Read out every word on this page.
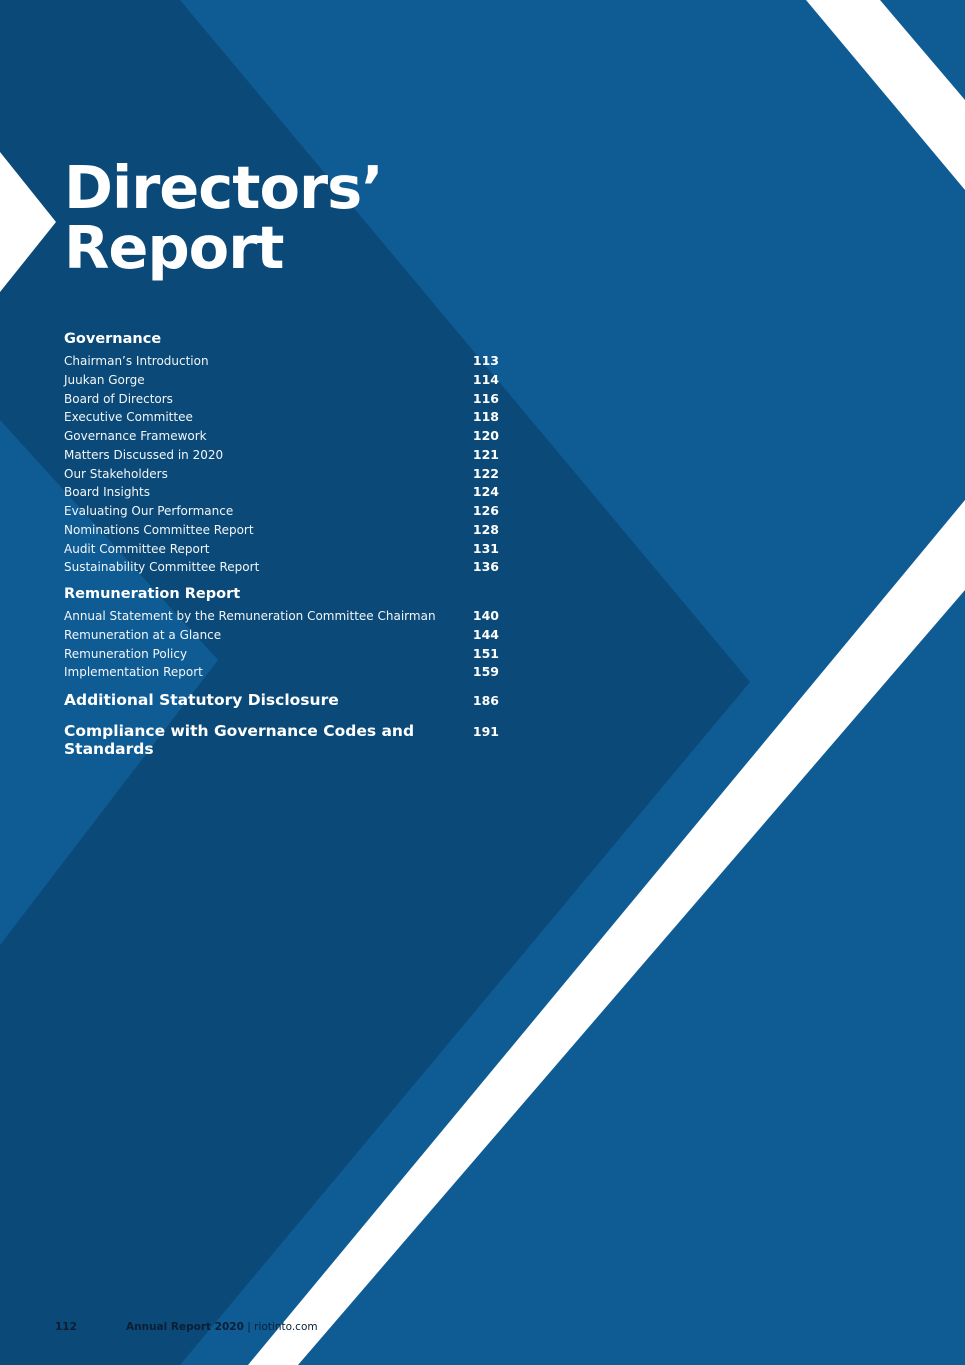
Directors’
Report
Governance
Chairman’s Introduction	113
Juukan Gorge	114
Board of Directors	116
Executive Committee	118
Governance Framework	120
Matters Discussed in 2020	121
Our Stakeholders	122
Board Insights	124
Evaluating Our Performance	126
Nominations Committee Report	128
Audit Committee Report	131
Sustainability Committee Report	136
Remuneration Report
Annual Statement by the Remuneration Committee Chairman	140
Remuneration at a Glance	144
Remuneration Policy	151
Implementation Report	159
Additional Statutory Disclosure	186
Compliance with Governance Codes and Standards
191
112	Annual Report 2020 | riotinto.com
